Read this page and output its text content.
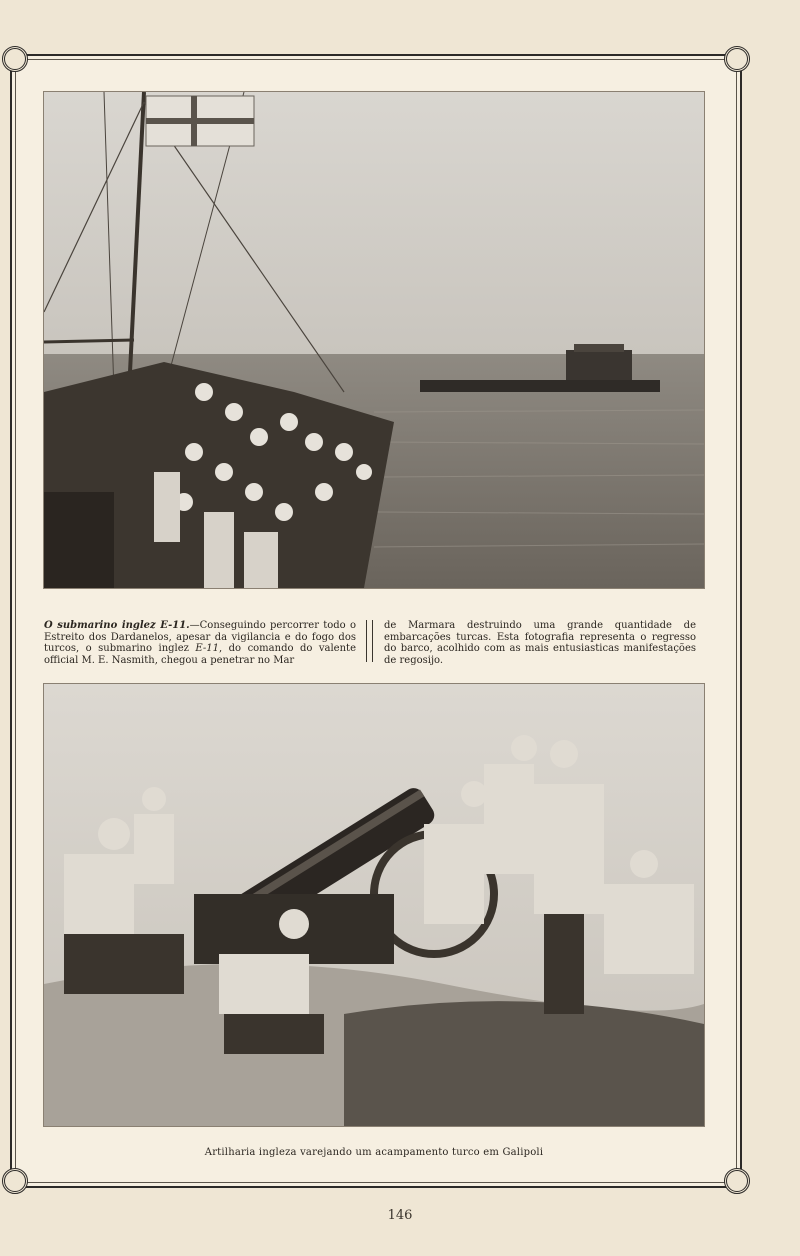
O submarino inglez E-11.—Conseguindo percorrer todo o Estreito dos Dardanelos, apesar da vigilancia e do fogo dos turcos, o submarino inglez E-11, do comando do valente official M. E. Nasmith, chegou a penetrar no Mar
de Marmara destruindo uma grande quantidade de embarcações turcas. Esta fotografia representa o regresso do barco, acolhido com as mais entusiasticas manifestações de regosijo.
Artilharia ingleza varejando um acampamento turco em Galipoli
146
